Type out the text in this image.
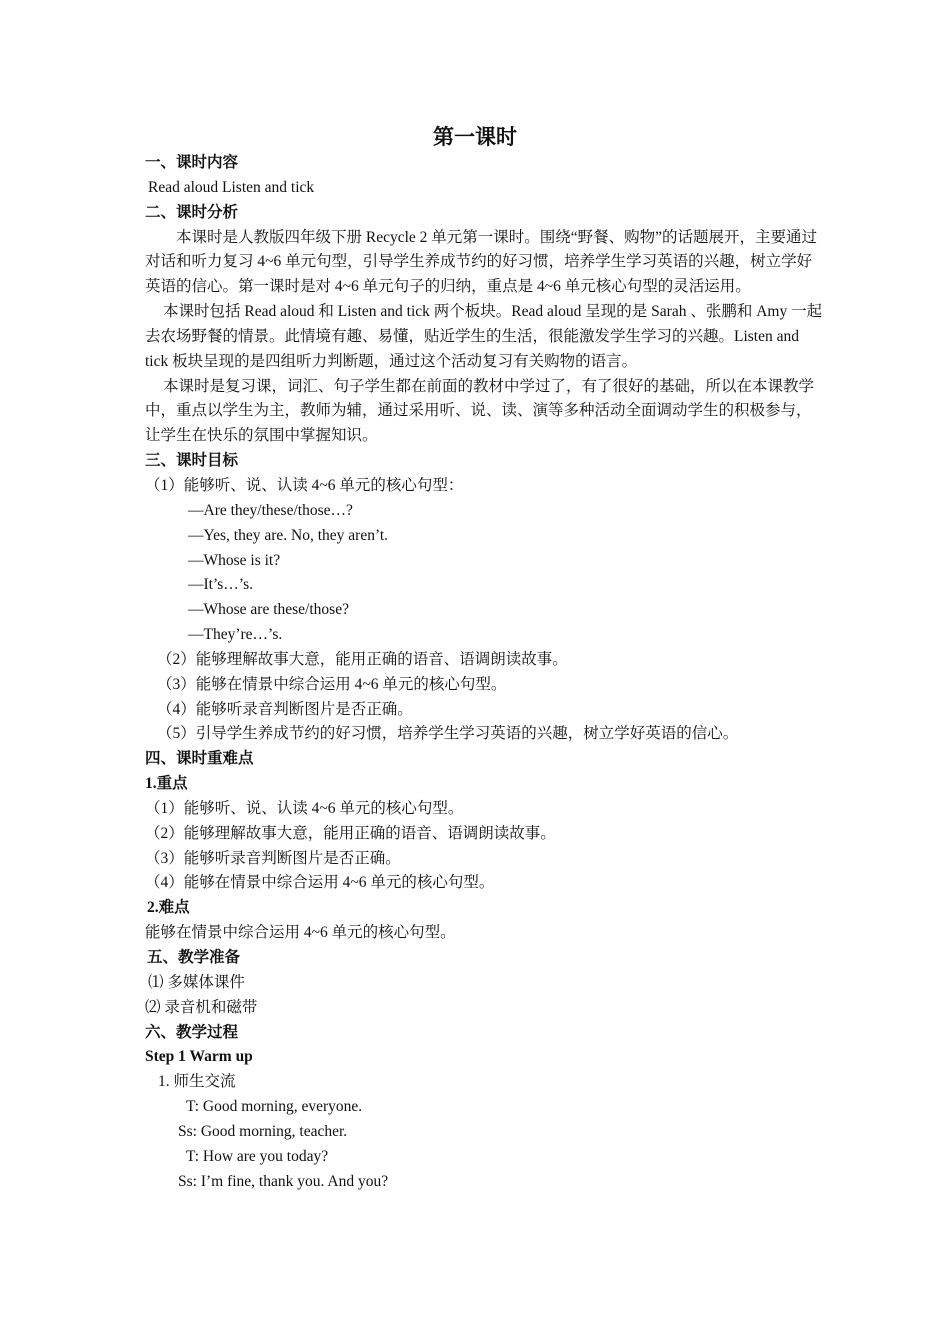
第一课时
一、课时内容
Read aloud Listen and tick
二、课时分析
本课时是人教版四年级下册 Recycle 2 单元第一课时。围绕“野餐、购物”的话题展开，主要通过对话和听力复习 4~6 单元句型，引导学生养成节约的好习惯，培养学生学习英语的兴趣，树立学好英语的信心。第一课时是对 4~6 单元句子的归纳，重点是 4~6 单元核心句型的灵活运用。
本课时包括 Read aloud 和 Listen and tick 两个板块。Read aloud 呈现的是 Sarah 、张鹏和 Amy 一起去农场野餐的情景。此情境有趣、易懂，贴近学生的生活，很能激发学生学习的兴趣。Listen and tick 板块呈现的是四组听力判断题，通过这个活动复习有关购物的语言。
本课时是复习课，词汇、句子学生都在前面的教材中学过了，有了很好的基础，所以在本课教学中，重点以学生为主，教师为辅，通过采用听、说、读、演等多种活动全面调动学生的积极参与，让学生在快乐的氛围中掌握知识。
三、课时目标
（1）能够听、说、认读 4~6 单元的核心句型：
—Are they/these/those…?
—Yes, they are. No, they aren’t.
—Whose is it?
—It’s…’s.
—Whose are these/those?
—They’re…’s.
（2）能够理解故事大意，能用正确的语音、语调朗读故事。
（3）能够在情景中综合运用 4~6 单元的核心句型。
（4）能够听录音判断图片是否正确。
（5）引导学生养成节约的好习惯，培养学生学习英语的兴趣，树立学好英语的信心。
四、课时重难点
1.重点
（1）能够听、说、认读 4~6 单元的核心句型。
（2）能够理解故事大意，能用正确的语音、语调朗读故事。
（3）能够听录音判断图片是否正确。
（4）能够在情景中综合运用 4~6 单元的核心句型。
2.难点
能够在情景中综合运用 4~6 单元的核心句型。
五、教学准备
⑴ 多媒体课件
⑵ 录音机和磁带
六、教学过程
Step 1 Warm up
1. 师生交流
T: Good morning, everyone.
Ss: Good morning, teacher.
T: How are you today?
Ss: I’m fine, thank you. And you?
